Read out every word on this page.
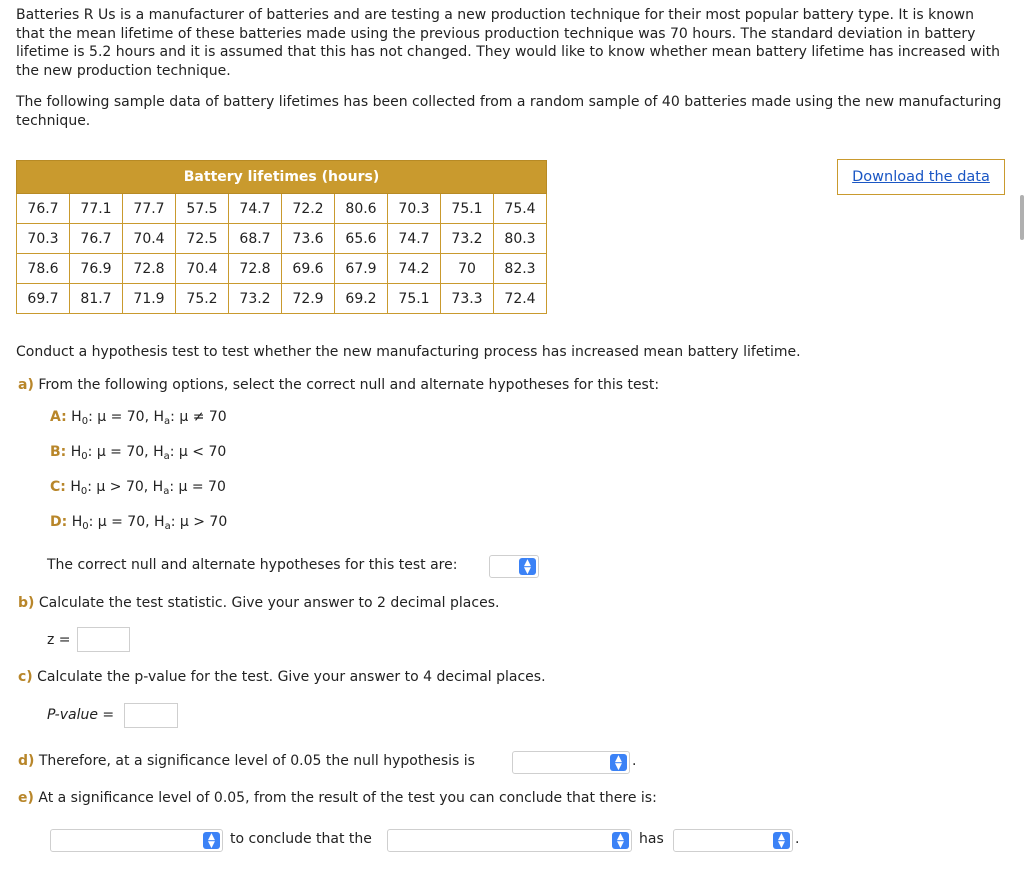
Batteries R Us is a manufacturer of batteries and are testing a new production technique for their most popular battery type. It is known that the mean lifetime of these batteries made using the previous production technique was 70 hours. The standard deviation in battery lifetime is 5.2 hours and it is assumed that this has not changed. They would like to know whether mean battery lifetime has increased with the new production technique.

The following sample data of battery lifetimes has been collected from a random sample of 40 batteries made using the new manufacturing technique.

Battery lifetimes (hours)									
76.7	77.1	77.7	57.5	74.7	72.2	80.6	70.3	75.1	75.4
70.3	76.7	70.4	72.5	68.7	73.6	65.6	74.7	73.2	80.3
78.6	76.9	72.8	70.4	72.8	69.6	67.9	74.2	70	82.3
69.7	81.7	71.9	75.2	73.2	72.9	69.2	75.1	73.3	72.4
Download the data
Conduct a hypothesis test to test whether the new manufacturing process has increased mean battery lifetime.
a) From the following options, select the correct null and alternate hypotheses for this test:
A: $H_0$: μ = 70, $H_a$: μ ≠ 70
B: $H_0$: μ = 70, $H_a$: μ < 70
C: $H_0$: μ > 70, $H_a$: μ = 70
D: $H_0$: μ = 70, $H_a$: μ > 70
The correct null and alternate hypotheses for this test are:	▲
▼
b) Calculate the test statistic. Give your answer to 2 decimal places.
z =
c) Calculate the p-value for the test. Give your answer to 4 decimal places.
P-value =
d) Therefore, at a significance level of 0.05 the null hypothesis is	▲
▼ .
e) At a significance level of 0.05, from the result of the test you can conclude that there is:
▲
▼	to conclude that the	▲
▼	has	▲
▼ .
